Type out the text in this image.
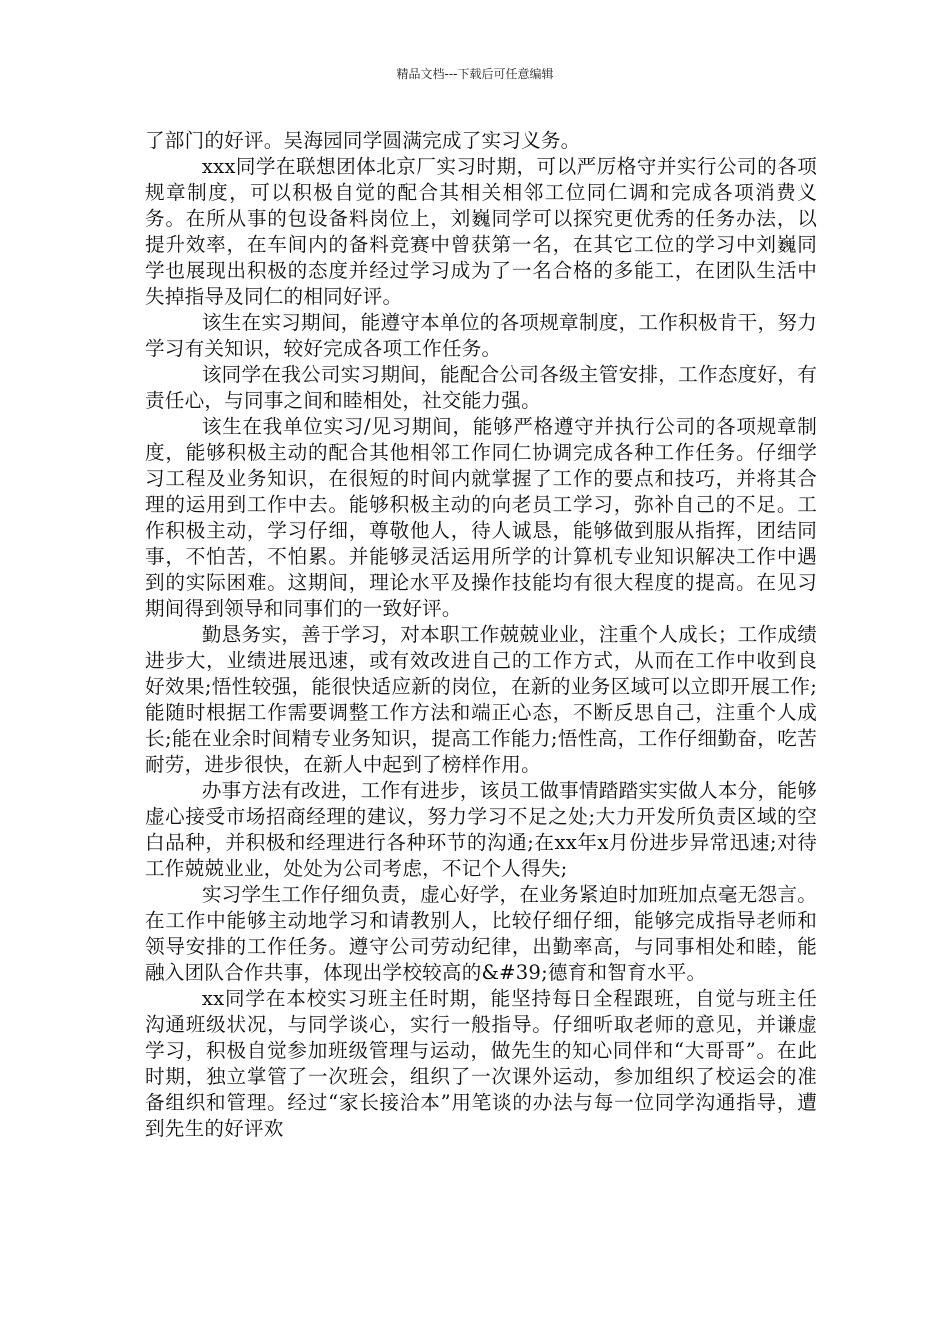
精品文档---下载后可任意编辑

了部门的好评。吴海园同学圆满完成了实习义务。

xxx同学在联想团体北京厂实习时期，可以严厉格守并实行公司的各项规章制度，可以积极自觉的配合其相关相邻工位同仁调和完成各项消费义务。在所从事的包设备料岗位上，刘巍同学可以探究更优秀的任务办法，以提升效率，在车间内的备料竞赛中曾获第一名，在其它工位的学习中刘巍同学也展现出积极的态度并经过学习成为了一名合格的多能工，在团队生活中失掉指导及同仁的相同好评。

该生在实习期间，能遵守本单位的各项规章制度，工作积极肯干，努力学习有关知识，较好完成各项工作任务。

该同学在我公司实习期间，能配合公司各级主管安排，工作态度好，有责任心，与同事之间和睦相处，社交能力强。

该生在我单位实习/见习期间，能够严格遵守并执行公司的各项规章制度，能够积极主动的配合其他相邻工作同仁协调完成各种工作任务。仔细学习工程及业务知识，在很短的时间内就掌握了工作的要点和技巧，并将其合理的运用到工作中去。能够积极主动的向老员工学习，弥补自己的不足。工作积极主动，学习仔细，尊敬他人，待人诚恳，能够做到服从指挥，团结同事，不怕苦，不怕累。并能够灵活运用所学的计算机专业知识解决工作中遇到的实际困难。这期间，理论水平及操作技能均有很大程度的提高。在见习期间得到领导和同事们的一致好评。

勤恳务实，善于学习，对本职工作兢兢业业，注重个人成长；工作成绩进步大，业绩进展迅速，或有效改进自己的工作方式，从而在工作中收到良好效果;悟性较强，能很快适应新的岗位，在新的业务区域可以立即开展工作;能随时根据工作需要调整工作方法和端正心态，不断反思自己，注重个人成长;能在业余时间精专业务知识，提高工作能力;悟性高，工作仔细勤奋，吃苦耐劳，进步很快，在新人中起到了榜样作用。

办事方法有改进，工作有进步，该员工做事情踏踏实实做人本分，能够虚心接受市场招商经理的建议，努力学习不足之处;大力开发所负责区域的空白品种，并积极和经理进行各种环节的沟通;在xx年x月份进步异常迅速;对待工作兢兢业业，处处为公司考虑，不记个人得失;

实习学生工作仔细负责，虚心好学，在业务紧迫时加班加点毫无怨言。在工作中能够主动地学习和请教别人，比较仔细仔细，能够完成指导老师和领导安排的工作任务。遵守公司劳动纪律，出勤率高，与同事相处和睦，能融入团队合作共事，体现出学校较高的&#39;德育和智育水平。

xx同学在本校实习班主任时期，能坚持每日全程跟班，自觉与班主任沟通班级状况，与同学谈心，实行一般指导。仔细听取老师的意见，并谦虚学习，积极自觉参加班级管理与运动，做先生的知心同伴和“大哥哥”。在此时期，独立掌管了一次班会，组织了一次课外运动，参加组织了校运会的准备组织和管理。经过“家长接洽本”用笔谈的办法与每一位同学沟通指导，遭到先生的好评欢
